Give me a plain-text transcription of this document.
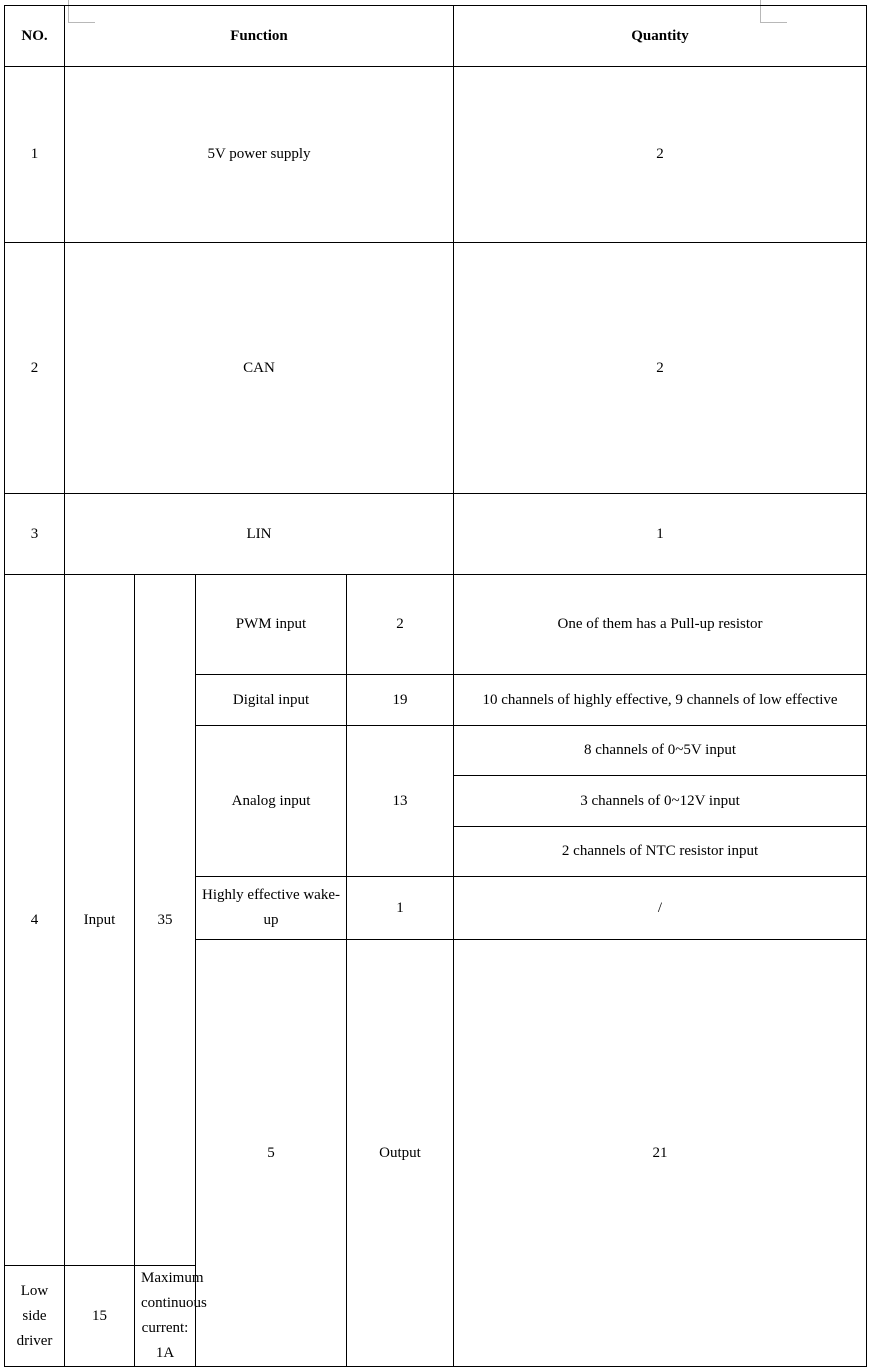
NO.	Function				Quantity	
1	5V power supply				2	
2	CAN				2	
3	LIN				1	
4	Input	35	PWM input	2	One of them has a Pull-up resistor	
			Digital input	19	10 channels of highly effective, 9 channels of low effective	
			Analog input	13	8 channels of 0~5V input	
					3 channels of 0~12V input	
					2 channels of NTC resistor input	
			Highly effective wake-up	1	/	
			5	Output	21			
Low side driver	15	Maximum continuous current: 1A				
